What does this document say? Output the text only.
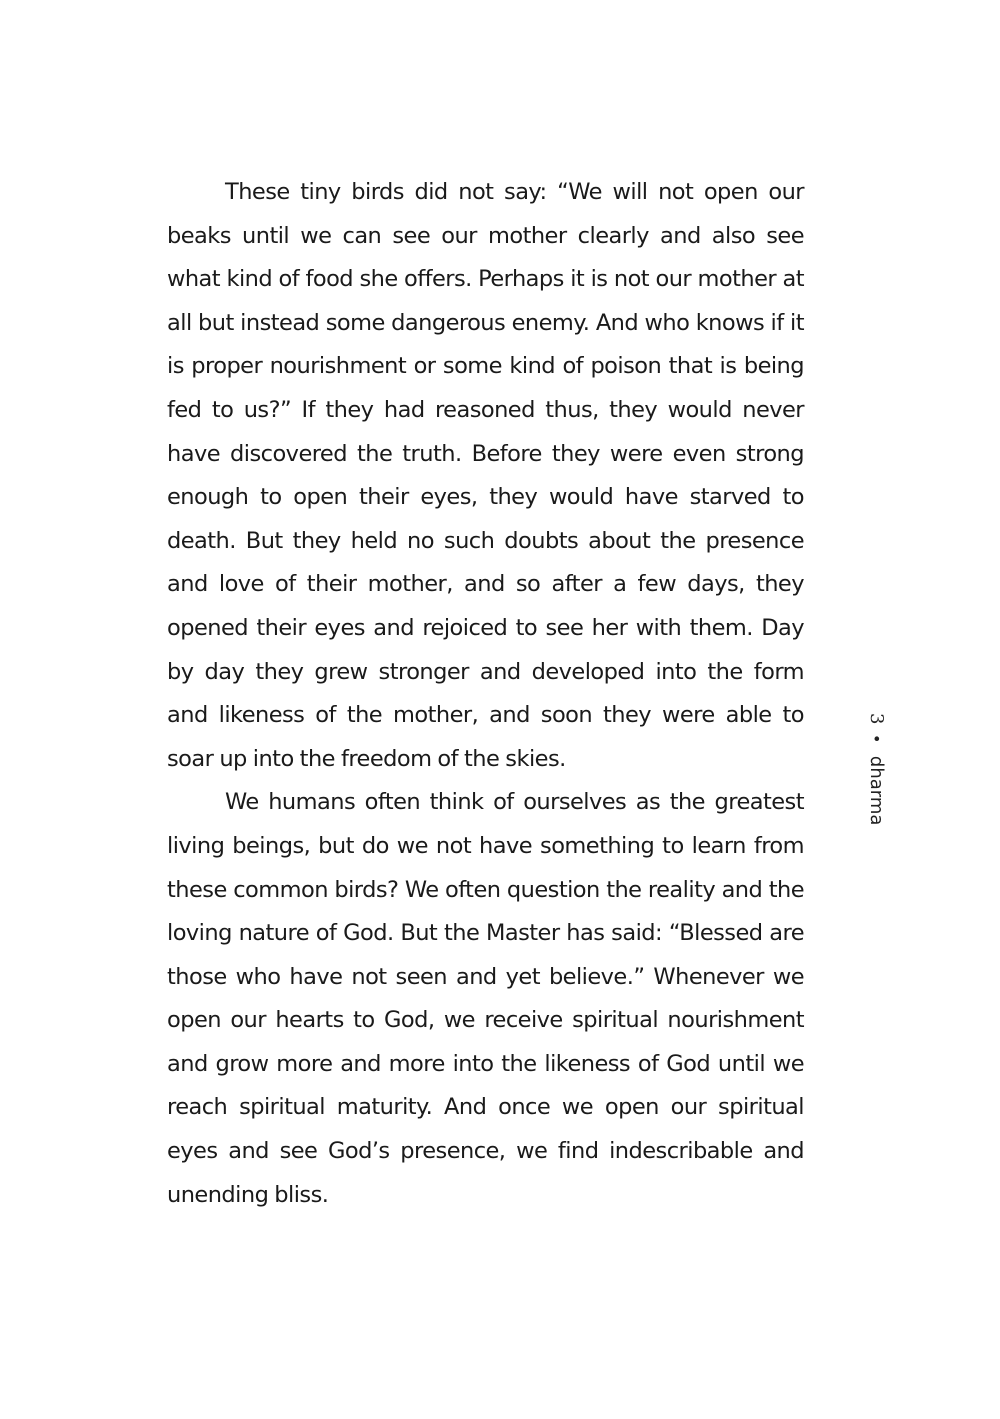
These tiny birds did not say: “We will not open our beaks until we can see our mother clearly and also see what kind of food she offers. Perhaps it is not our mother at all but instead some dangerous enemy. And who knows if it is proper nourishment or some kind of poison that is being fed to us?” If they had reasoned thus, they would never have discovered the truth. Before they were even strong enough to open their eyes, they would have starved to death. But they held no such doubts about the presence and love of their mother, and so after a few days, they opened their eyes and rejoiced to see her with them. Day by day they grew stronger and developed into the form and likeness of the mother, and soon they were able to soar up into the freedom of the skies.

We humans often think of ourselves as the greatest living beings, but do we not have something to learn from these common birds? We often question the reality and the loving nature of God. But the Master has said: “Blessed are those who have not seen and yet believe.” Whenever we open our hearts to God, we receive spiritual nourishment and grow more and more into the likeness of God until we reach spiritual maturity. And once we open our spiritual eyes and see God’s presence, we find indescribable and unending bliss.

3•dharma
